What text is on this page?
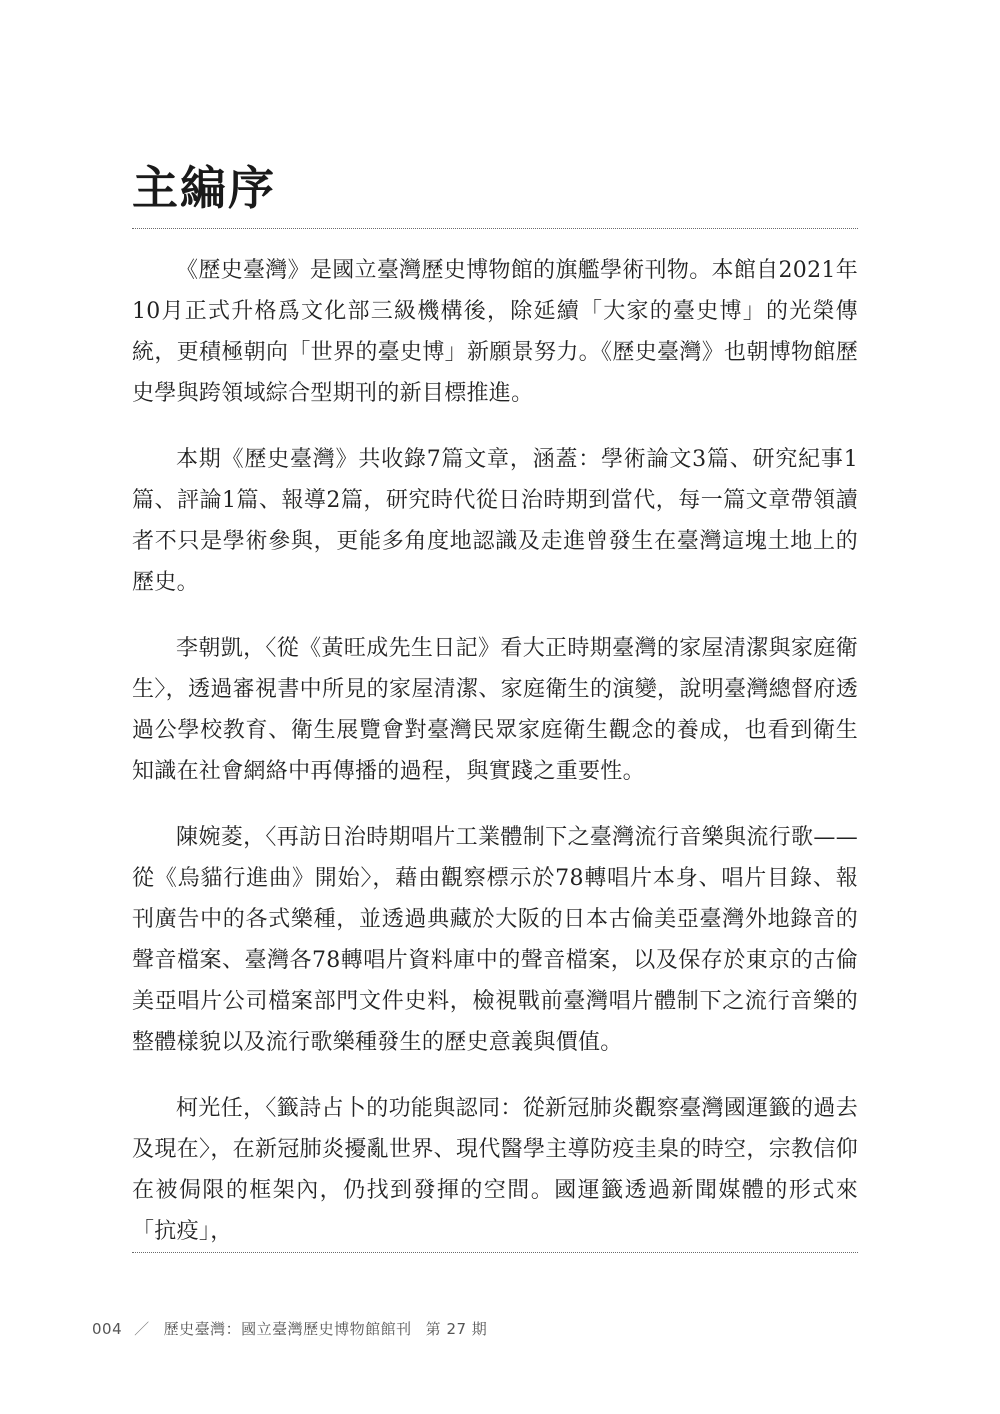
主編序

《歷史臺灣》是國立臺灣歷史博物館的旗艦學術刊物。本館自2021年10月正式升格爲文化部三級機構後，除延續「大家的臺史博」的光榮傳統，更積極朝向「世界的臺史博」新願景努力。《歷史臺灣》也朝博物館歷史學與跨領域綜合型期刊的新目標推進。

本期《歷史臺灣》共收錄7篇文章，涵蓋：學術論文3篇、研究紀事1篇、評論1篇、報導2篇，研究時代從日治時期到當代，每一篇文章帶領讀者不只是學術參與，更能多角度地認識及走進曾發生在臺灣這塊土地上的歷史。

李朝凱，〈從《黃旺成先生日記》看大正時期臺灣的家屋清潔與家庭衛生〉，透過審視書中所見的家屋清潔、家庭衛生的演變，說明臺灣總督府透過公學校教育、衛生展覽會對臺灣民眾家庭衛生觀念的養成，也看到衛生知識在社會網絡中再傳播的過程，與實踐之重要性。

陳婉菱，〈再訪日治時期唱片工業體制下之臺灣流行音樂與流行歌——從《烏貓行進曲》開始〉，藉由觀察標示於78轉唱片本身、唱片目錄、報刊廣告中的各式樂種，並透過典藏於大阪的日本古倫美亞臺灣外地錄音的聲音檔案、臺灣各78轉唱片資料庫中的聲音檔案，以及保存於東京的古倫美亞唱片公司檔案部門文件史料，檢視戰前臺灣唱片體制下之流行音樂的整體樣貌以及流行歌樂種發生的歷史意義與價值。

柯光任，〈籤詩占卜的功能與認同：從新冠肺炎觀察臺灣國運籤的過去及現在〉，在新冠肺炎擾亂世界、現代醫學主導防疫圭臬的時空，宗教信仰在被侷限的框架內，仍找到發揮的空間。國運籤透過新聞媒體的形式來「抗疫」，

004 ／ 歷史臺灣：國立臺灣歷史博物館館刊 第 27 期
